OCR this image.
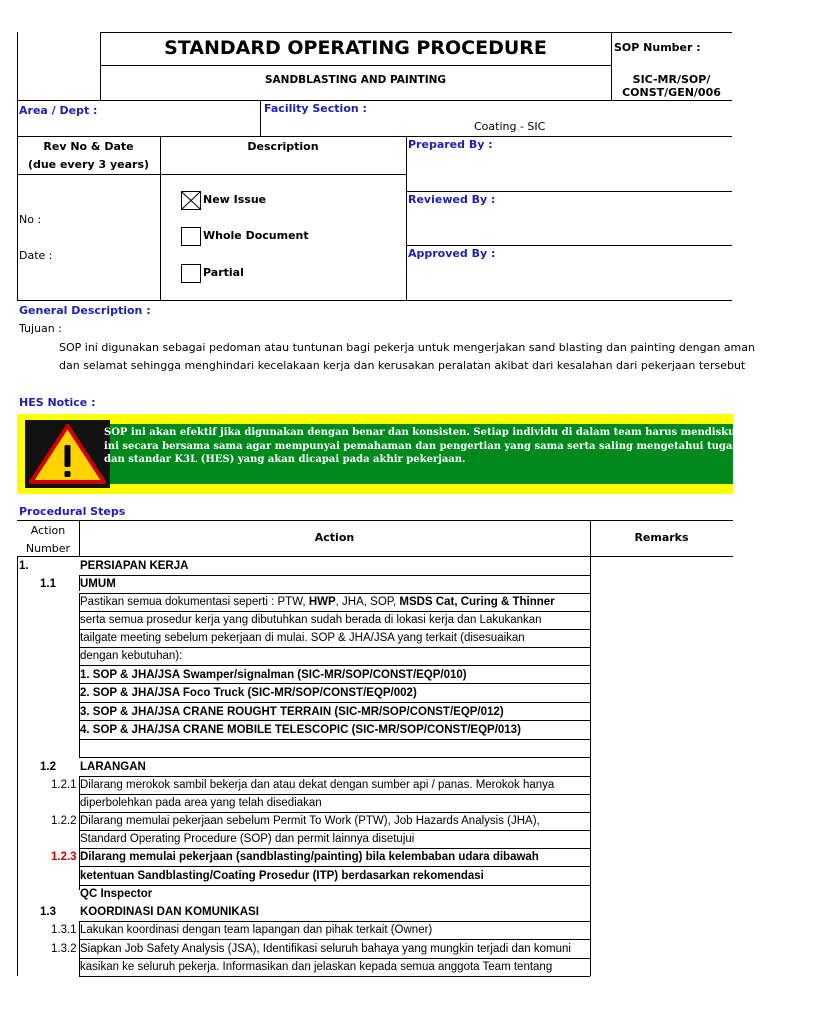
STANDARD OPERATING PROCEDURE
SANDBLASTING AND PAINTING
SOP Number :
SIC-MR/SOP/
CONST/GEN/006
Area / Dept :	Facility Section :
Coating - SIC
Rev No & Date
(due every 3 years)
Description	Prepared By :
Reviewed By :
Approved By :
No :
Date :
New Issue
Whole Document
Partial
General Description :
Tujuan :
SOP ini digunakan sebagai pedoman atau tuntunan bagi pekerja untuk mengerjakan sand blasting dan painting dengan aman
dan selamat sehingga menghindari kecelakaan kerja dan kerusakan peralatan akibat dari kesalahan dari pekerjaan tersebut
HES Notice :
SOP ini akan efektif jika digunakan dengan benar dan konsisten. Setiap individu di dalam team harus mendiskusikan prosedur
ini secara bersama sama agar mempunyai pemahaman dan pengertian yang sama serta saling mengetahui tugas masing-masing
dan standar K3L (HES) yang akan dicapai pada akhir pekerjaan.
Procedural Steps
Action
Number
Action	Remarks
1.	PERSIAPAN KERJA
1.1 UMUM
Pastikan semua dokumentasi seperti : PTW, HWP, JHA, SOP, MSDS Cat, Curing & Thinner
serta semua prosedur kerja yang dibutuhkan sudah berada di lokasi kerja dan Lakukankan
tailgate meeting sebelum pekerjaan di mulai. SOP & JHA/JSA yang terkait (disesuaikan
dengan kebutuhan):
1. SOP & JHA/JSA Swamper/signalman (SIC-MR/SOP/CONST/EQP/010)
2. SOP & JHA/JSA Foco Truck (SIC-MR/SOP/CONST/EQP/002)
3. SOP & JHA/JSA CRANE ROUGHT TERRAIN (SIC-MR/SOP/CONST/EQP/012)
4. SOP & JHA/JSA CRANE MOBILE TELESCOPIC (SIC-MR/SOP/CONST/EQP/013)
1.2 LARANGAN
1.2.1 Dilarang merokok sambil bekerja dan atau dekat dengan sumber api / panas. Merokok hanya
diperbolehkan pada area yang telah disediakan
1.2.2 Dilarang memulai pekerjaan sebelum Permit To Work (PTW), Job Hazards Analysis (JHA),
Standard Operating Procedure (SOP) dan permit lainnya disetujui
1.2.3 Dilarang memulai pekerjaan (sandblasting/painting) bila kelembaban udara dibawah
ketentuan Sandblasting/Coating Prosedur (ITP) berdasarkan rekomendasi
QC Inspector
1.3 KOORDINASI DAN KOMUNIKASI
1.3.1 Lakukan koordinasi dengan team lapangan dan pihak terkait (Owner)
1.3.2 Siapkan Job Safety Analysis (JSA), Identifikasi seluruh bahaya yang mungkin terjadi dan komuni
kasikan ke seluruh pekerja. Informasikan dan jelaskan kepada semua anggota Team tentang
